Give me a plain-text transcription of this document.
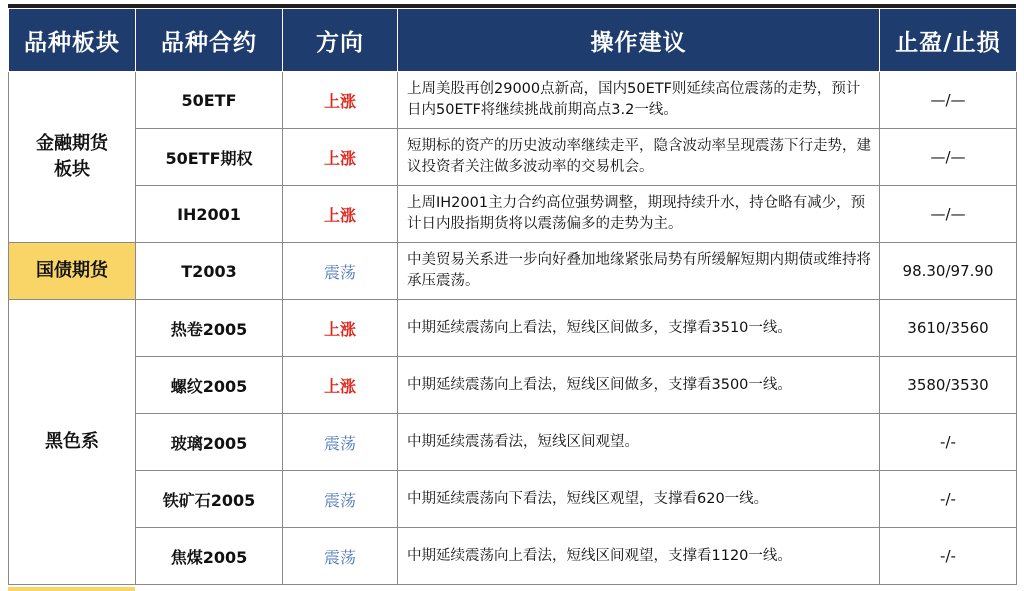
品种板块	品种合约	方向	操作建议	止盈/止损
金融期货板块	50ETF	上涨	上周美股再创29000点新高，国内50ETF则延续高位震荡的走势，预计日内50ETF将继续挑战前期高点3.2一线。	—/—
	50ETF期权	上涨	短期标的资产的历史波动率继续走平，隐含波动率呈现震荡下行走势，建议投资者关注做多波动率的交易机会。	—/—
	IH2001	上涨	上周IH2001主力合约高位强势调整，期现持续升水，持仓略有减少，预计日内股指期货将以震荡偏多的走势为主。	—/—
国债期货	T2003	震荡	中美贸易关系进一步向好叠加地缘紧张局势有所缓解短期内期债或维持将承压震荡。	98.30/97.90
黑色系	热卷2005	上涨	中期延续震荡向上看法，短线区间做多，支撑看3510一线。	3610/3560
	螺纹2005	上涨	中期延续震荡向上看法，短线区间做多，支撑看3500一线。	3580/3530
	玻璃2005	震荡	中期延续震荡看法，短线区间观望。	-/-
	铁矿石2005	震荡	中期延续震荡向下看法，短线区观望，支撑看620一线。	-/-
	焦煤2005	震荡	中期延续震荡向上看法，短线区间观望，支撑看1120一线。	-/-
